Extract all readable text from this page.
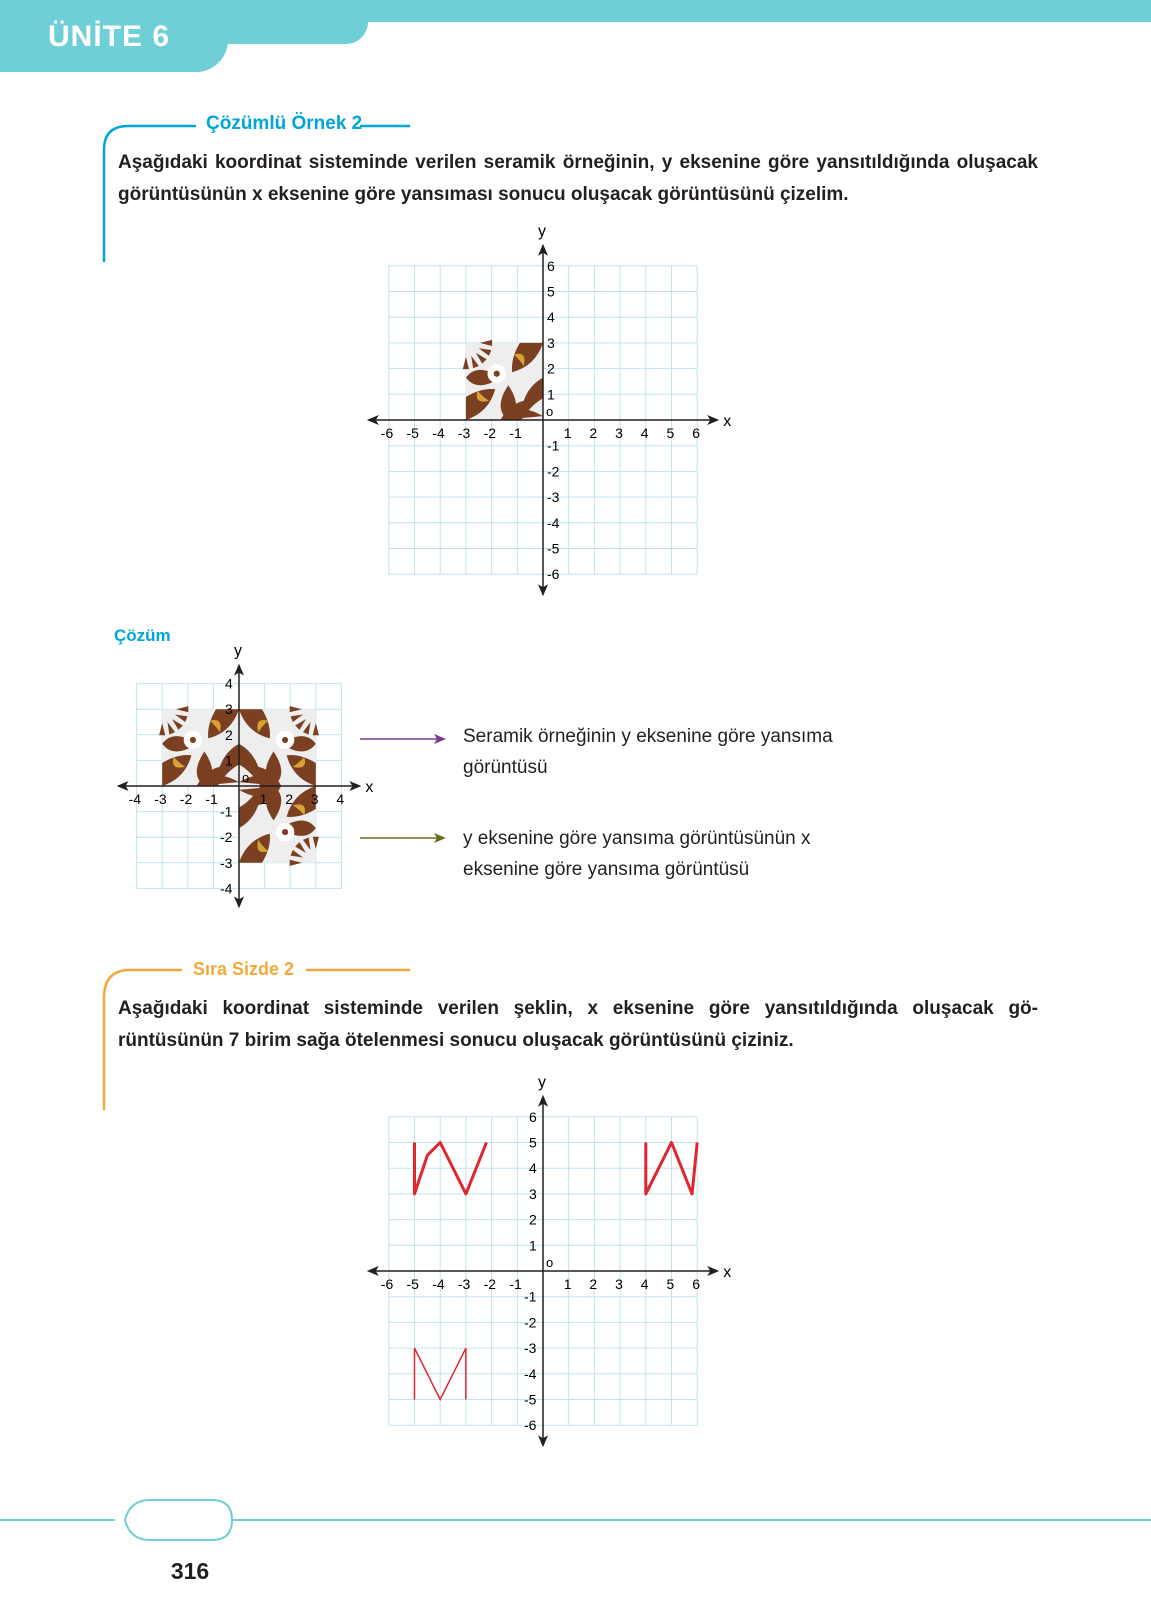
ÜNİTE 6
Çözümlü Örnek 2
Aşağıdaki koordinat sisteminde verilen seramik örneğinin, y eksenine göre yansıtıldığında oluşacak görüntüsünün x eksenine göre yansıması sonucu oluşacak görüntüsünü çizelim.
x
y
-6
-6
-5
-5
-4
-4
-3
-3
-2
-2
-1
-1
1
1
2
2
3
3
4
4
5
5
6
6
o
Çözüm
x
y
-4
-4
-3
-3
-2
-2
-1
-1
1
1
2
2
3
3
4
4
o
Seramik örneğinin y eksenine göre yansıma görüntüsü
y eksenine göre yansıma görüntüsünün x eksenine göre yansıma görüntüsü
Sıra Sizde 2
Aşağıdaki koordinat sisteminde verilen şeklin, x eksenine göre yansıtıldığında oluşacak gö-rüntüsünün 7 birim sağa ötelenmesi sonucu oluşacak görüntüsünü çiziniz.
x
y
-6
-6
-5
-5
-4
-4
-3
-3
-2
-2
-1
-1
1
1
2
2
3
3
4
4
5
5
6
6
o
316
